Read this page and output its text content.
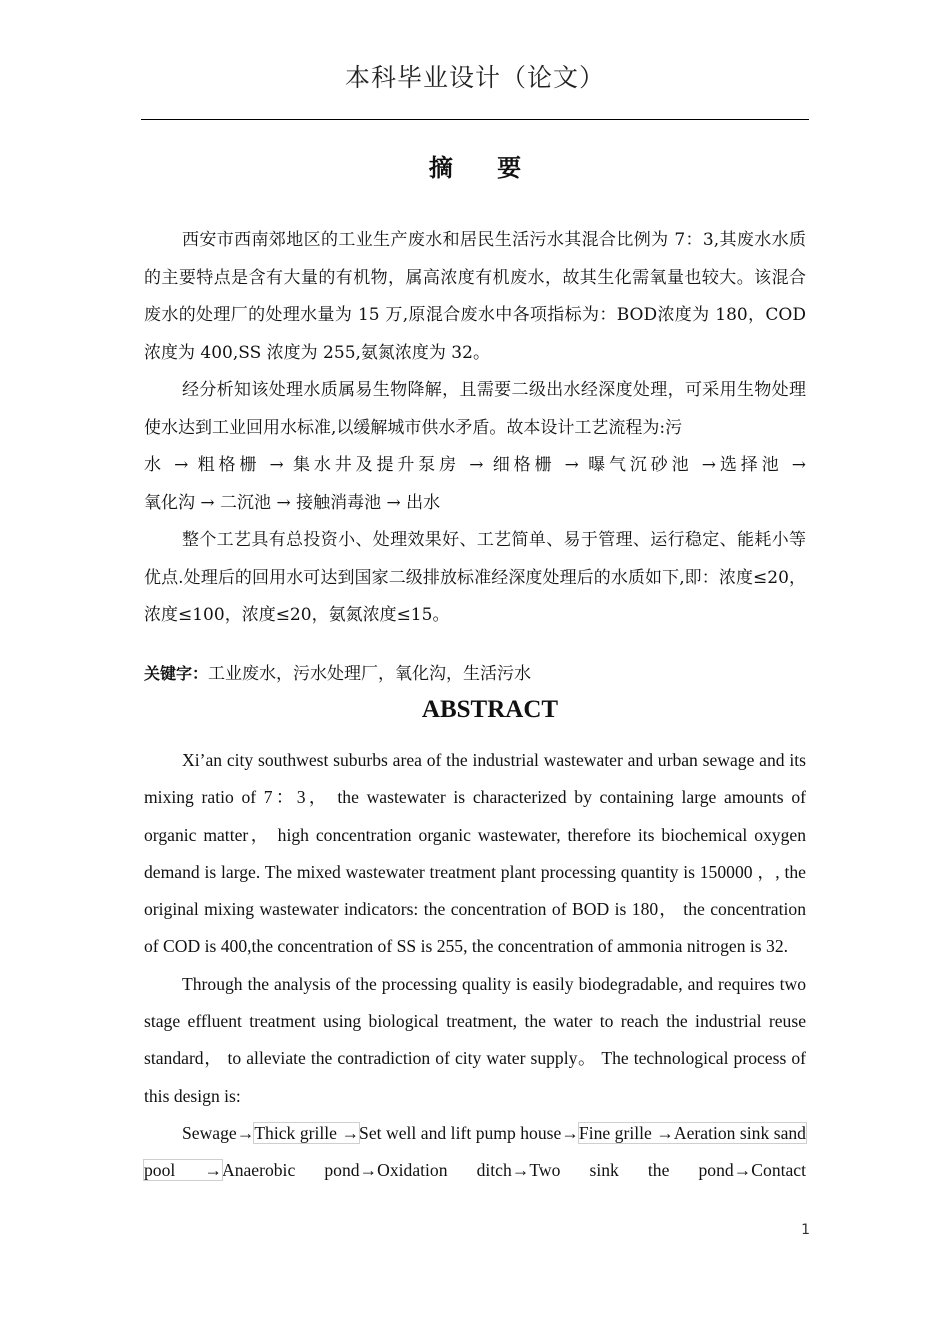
本科毕业设计（论文）
摘 要

西安市西南郊地区的工业生产废水和居民生活污水其混合比例为 7：3,其废水水质的主要特点是含有大量的有机物，属高浓度有机废水，故其生化需氧量也较大。该混合废水的处理厂的处理水量为 15 万,原混合废水中各项指标为：BOD浓度为 180，COD 浓度为 400,SS 浓度为 255,氨氮浓度为 32。

经分析知该处理水质属易生物降解，且需要二级出水经深度处理，可采用生物处理使水达到工业回用水标准,以缓解城市供水矛盾。故本设计工艺流程为:污

水 → 粗格栅 → 集水井及提升泵房 → 细格栅 → 曝气沉砂池 →选择池 →
氧化沟 → 二沉池 → 接触消毒池 → 出水

整个工艺具有总投资小、处理效果好、工艺简单、易于管理、运行稳定、能耗小等优点.处理后的回用水可达到国家二级排放标准经深度处理后的水质如下,即：浓度≤20，浓度≤100，浓度≤20，氨氮浓度≤15。

关键字：工业废水，污水处理厂，氧化沟，生活污水
ABSTRACT

Xi’an city southwest suburbs area of the industrial wastewater and urban sewage and its mixing ratio of 7：3， the wastewater is characterized by containing large amounts of organic matter， high concentration organic wastewater, therefore its biochemical oxygen demand is large. The mixed wastewater treatment plant processing quantity is 150000 ，, the original mixing wastewater indicators: the concentration of BOD is 180， the concentration of COD is 400,the concentration of SS is 255, the concentration of ammonia nitrogen is 32.

Through the analysis of the processing quality is easily biodegradable, and requires two stage effluent treatment using biological treatment, the water to reach the industrial reuse standard， to alleviate the contradiction of city water supply。 The technological process of this design is:

Sewage→Thick grille →Set well and lift pump house→Fine grille →Aeration sink sand pool →Anaerobic pond→Oxidation ditch→Two sink the pond→Contact

1
